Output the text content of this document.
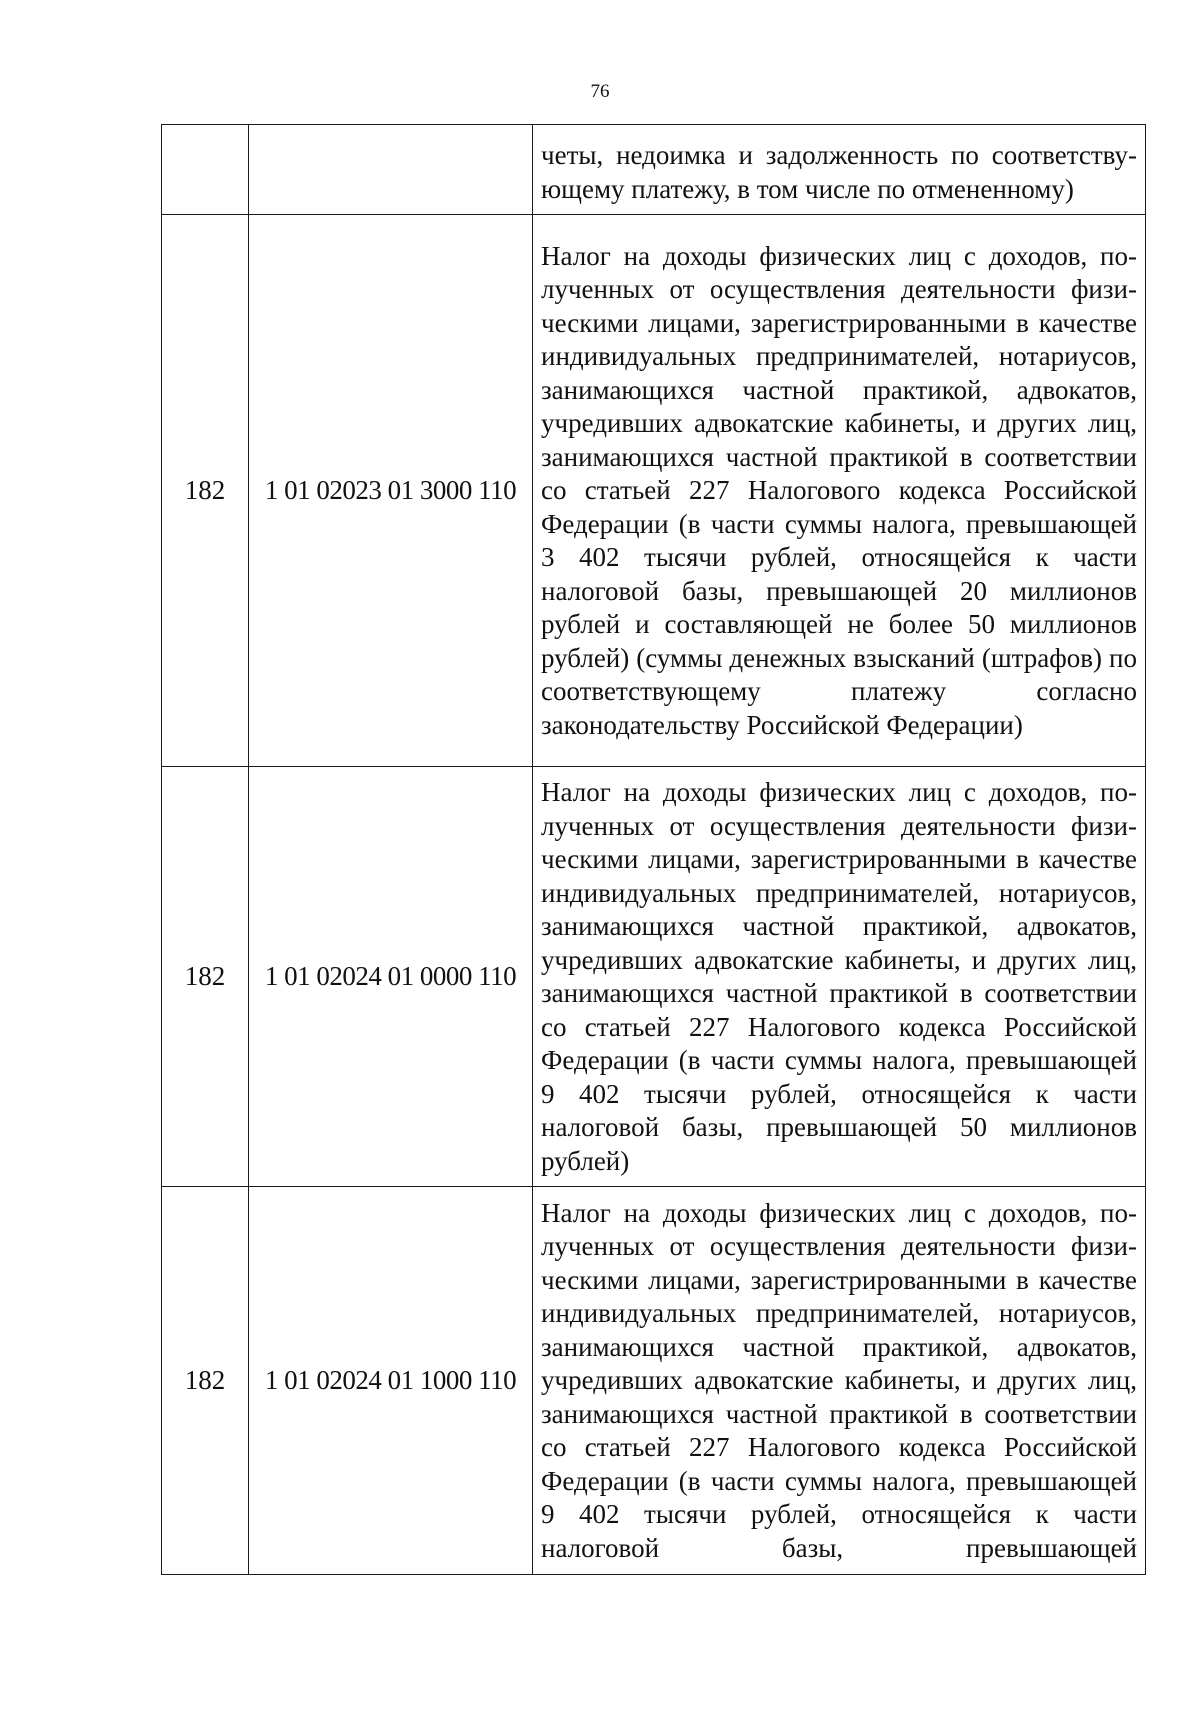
76

		четы, недоимка и задолженность по соответствующему платежу, в том числе по отмененному)

182	1 01 02023 01 3000 110	Налог на доходы физических лиц с доходов, полученных от осуществления деятельности физическими лицами, зарегистрированными в качестве индивидуальных предпринимателей, нотариусов, занимающихся частной практикой, адвокатов, учредивших адвокатские кабинеты, и других лиц, занимающихся частной практикой в соответствии со статьей 227 Налогового кодекса Российской Федерации (в части суммы налога, превышающей 3 402 тысячи рублей, относящейся к части налоговой базы, превышающей 20 миллионов рублей и составляющей не более 50 миллионов рублей) (суммы денежных взысканий (штрафов) по соответствующему платежу согласно законодательству Российской Федерации)

182	1 01 02024 01 0000 110	Налог на доходы физических лиц с доходов, полученных от осуществления деятельности физическими лицами, зарегистрированными в качестве индивидуальных предпринимателей, нотариусов, занимающихся частной практикой, адвокатов, учредивших адвокатские кабинеты, и других лиц, занимающихся частной практикой в соответствии со статьей 227 Налогового кодекса Российской Федерации (в части суммы налога, превышающей 9 402 тысячи рублей, относящейся к части налоговой базы, превышающей 50 миллионов рублей)

182	1 01 02024 01 1000 110	Налог на доходы физических лиц с доходов, полученных от осуществления деятельности физическими лицами, зарегистрированными в качестве индивидуальных предпринимателей, нотариусов, занимающихся частной практикой, адвокатов, учредивших адвокатские кабинеты, и других лиц, занимающихся частной практикой в соответствии со статьей 227 Налогового кодекса Российской Федерации (в части суммы налога, превышающей 9 402 тысячи рублей, относящейся к части налоговой базы, превышающей
